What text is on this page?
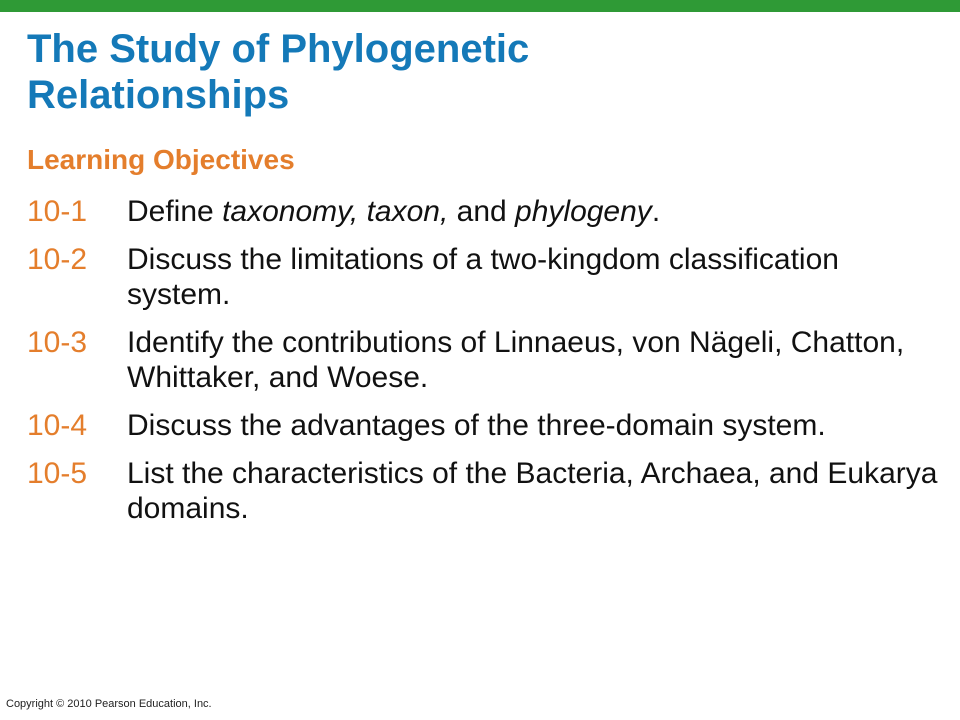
The Study of Phylogenetic
Relationships
Learning Objectives
10-1	Define taxonomy, taxon, and phylogeny.
10-2	Discuss the limitations of a two-kingdom classification system.
10-3	Identify the contributions of Linnaeus, von Nägeli, Chatton, Whittaker, and Woese.
10-4	Discuss the advantages of the three-domain system.
10-5	List the characteristics of the Bacteria, Archaea, and Eukarya domains.
Copyright © 2010 Pearson Education, Inc.
